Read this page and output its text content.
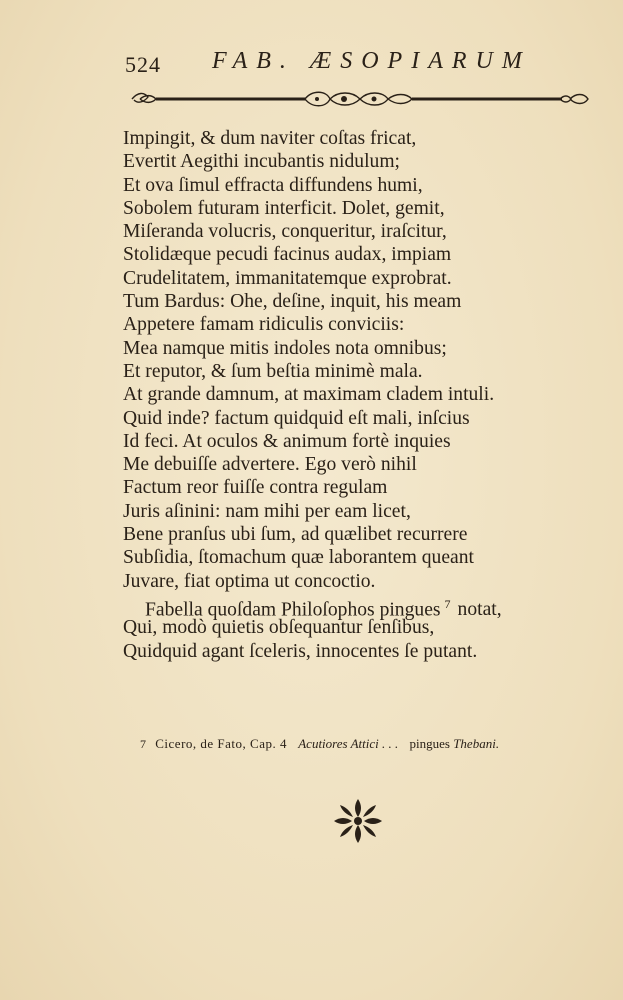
524 FAB. ÆSOPIARUM
Impingit, & dum naviter coſtas fricat,
Evertit Aegithi incubantis nidulum;
Et ova ſimul effracta diffundens humi,
Sobolem futuram interficit. Dolet, gemit,
Miſeranda volucris, conqueritur, iraſcitur,
Stolidæque pecudi facinus audax, impiam
Crudelitatem, immanitatemque exprobrat.
Tum Bardus: Ohe, deſine, inquit, his meam
Appetere famam ridiculis conviciis:
Mea namque mitis indoles nota omnibus;
Et reputor, & ſum beſtia minimè mala.
At grande damnum, at maximam cladem intuli.
Quid inde? factum quidquid eſt mali, inſcius
Id feci. At oculos & animum fortè inquies
Me debuiſſe advertere. Ego verò nihil
Factum reor fuiſſe contra regulam
Juris aſinini: nam mihi per eam licet,
Bene pranſus ubi ſum, ad quælibet recurrere
Subſidia, ſtomachum quæ laborantem queant
Juvare, fiat optima ut concoctio.
Fabella quoſdam Philoſophos pingues $^7$ notat,
Qui, modò quietis obſequantur ſenſibus,
Quidquid agant ſceleris, innocentes ſe putant.
7 Cicero, de Fato, Cap. 4 Acutiores Attici . . . pingues Thebani.
